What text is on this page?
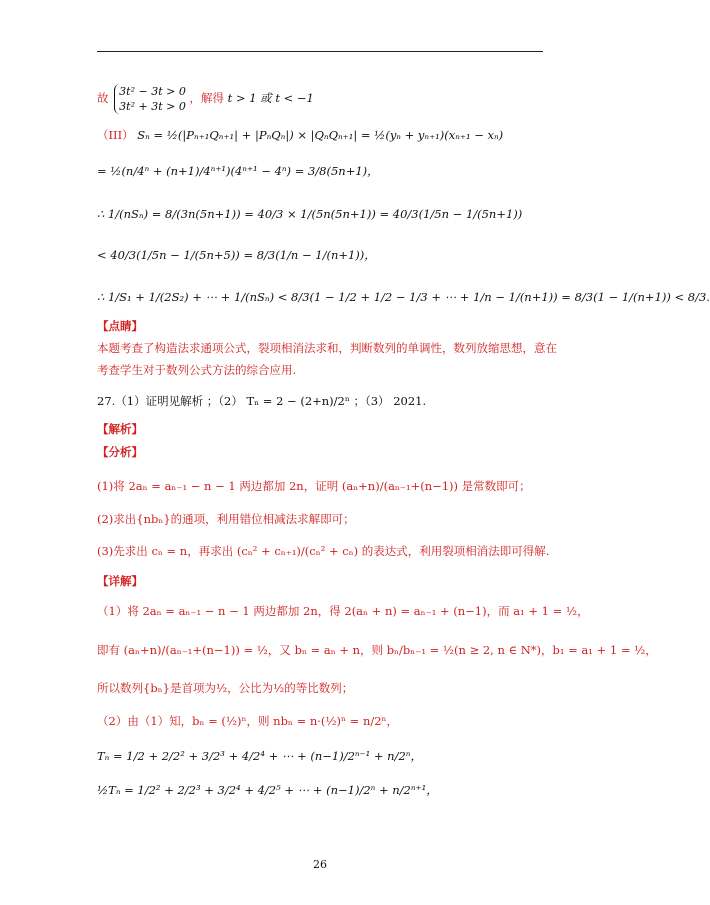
故 3t² − 3t > 0
3t² + 3t > 0
，解得 t > 1 或 t < −1
（III） Sₙ = ½(|Pₙ₊₁Qₙ₊₁| + |PₙQₙ|) × |QₙQₙ₊₁| = ½(yₙ + yₙ₊₁)(xₙ₊₁ − xₙ)
= ½(n/4ⁿ + (n+1)/4ⁿ⁺¹)(4ⁿ⁺¹ − 4ⁿ) = 3/8(5n+1)，
∴ 1/(nSₙ) = 8/(3n(5n+1)) = 40/3 × 1/(5n(5n+1)) = 40/3(1/5n − 1/(5n+1))
< 40/3(1/5n − 1/(5n+5)) = 8/3(1/n − 1/(n+1))，
∴ 1/S₁ + 1/(2S₂) + ⋯ + 1/(nSₙ) < 8/3(1 − 1/2 + 1/2 − 1/3 + ⋯ + 1/n − 1/(n+1)) = 8/3(1 − 1/(n+1)) < 8/3.
【点睛】
本题考查了构造法求通项公式，裂项相消法求和，判断数列的单调性，数列放缩思想，意在
考查学生对于数列公式方法的综合应用.
27.（1）证明见解析 ；（2） Tₙ = 2 − (2+n)/2ⁿ ；（3） 2021.
【解析】
【分析】
(1)将 2aₙ = aₙ₋₁ − n − 1 两边都加 2n，证明 (aₙ+n)/(aₙ₋₁+(n−1)) 是常数即可；
(2)求出{nbₙ}的通项，利用错位相减法求解即可；
(3)先求出 cₙ = n，再求出 (cₙ² + cₙ₊₁)/(cₙ² + cₙ) 的表达式，利用裂项相消法即可得解.
【详解】
（1）将 2aₙ = aₙ₋₁ − n − 1 两边都加 2n，得 2(aₙ + n) = aₙ₋₁ + (n−1)，而 a₁ + 1 = ½，
即有 (aₙ+n)/(aₙ₋₁+(n−1)) = ½，又 bₙ = aₙ + n，则 bₙ/bₙ₋₁ = ½(n ≥ 2, n ∈ N*)，b₁ = a₁ + 1 = ½，
所以数列{bₙ}是首项为½，公比为½的等比数列；
（2）由（1）知，bₙ = (½)ⁿ，则 nbₙ = n·(½)ⁿ = n/2ⁿ，
Tₙ = 1/2 + 2/2² + 3/2³ + 4/2⁴ + ⋯ + (n−1)/2ⁿ⁻¹ + n/2ⁿ，
½Tₙ = 1/2² + 2/2³ + 3/2⁴ + 4/2⁵ + ⋯ + (n−1)/2ⁿ + n/2ⁿ⁺¹，
26
